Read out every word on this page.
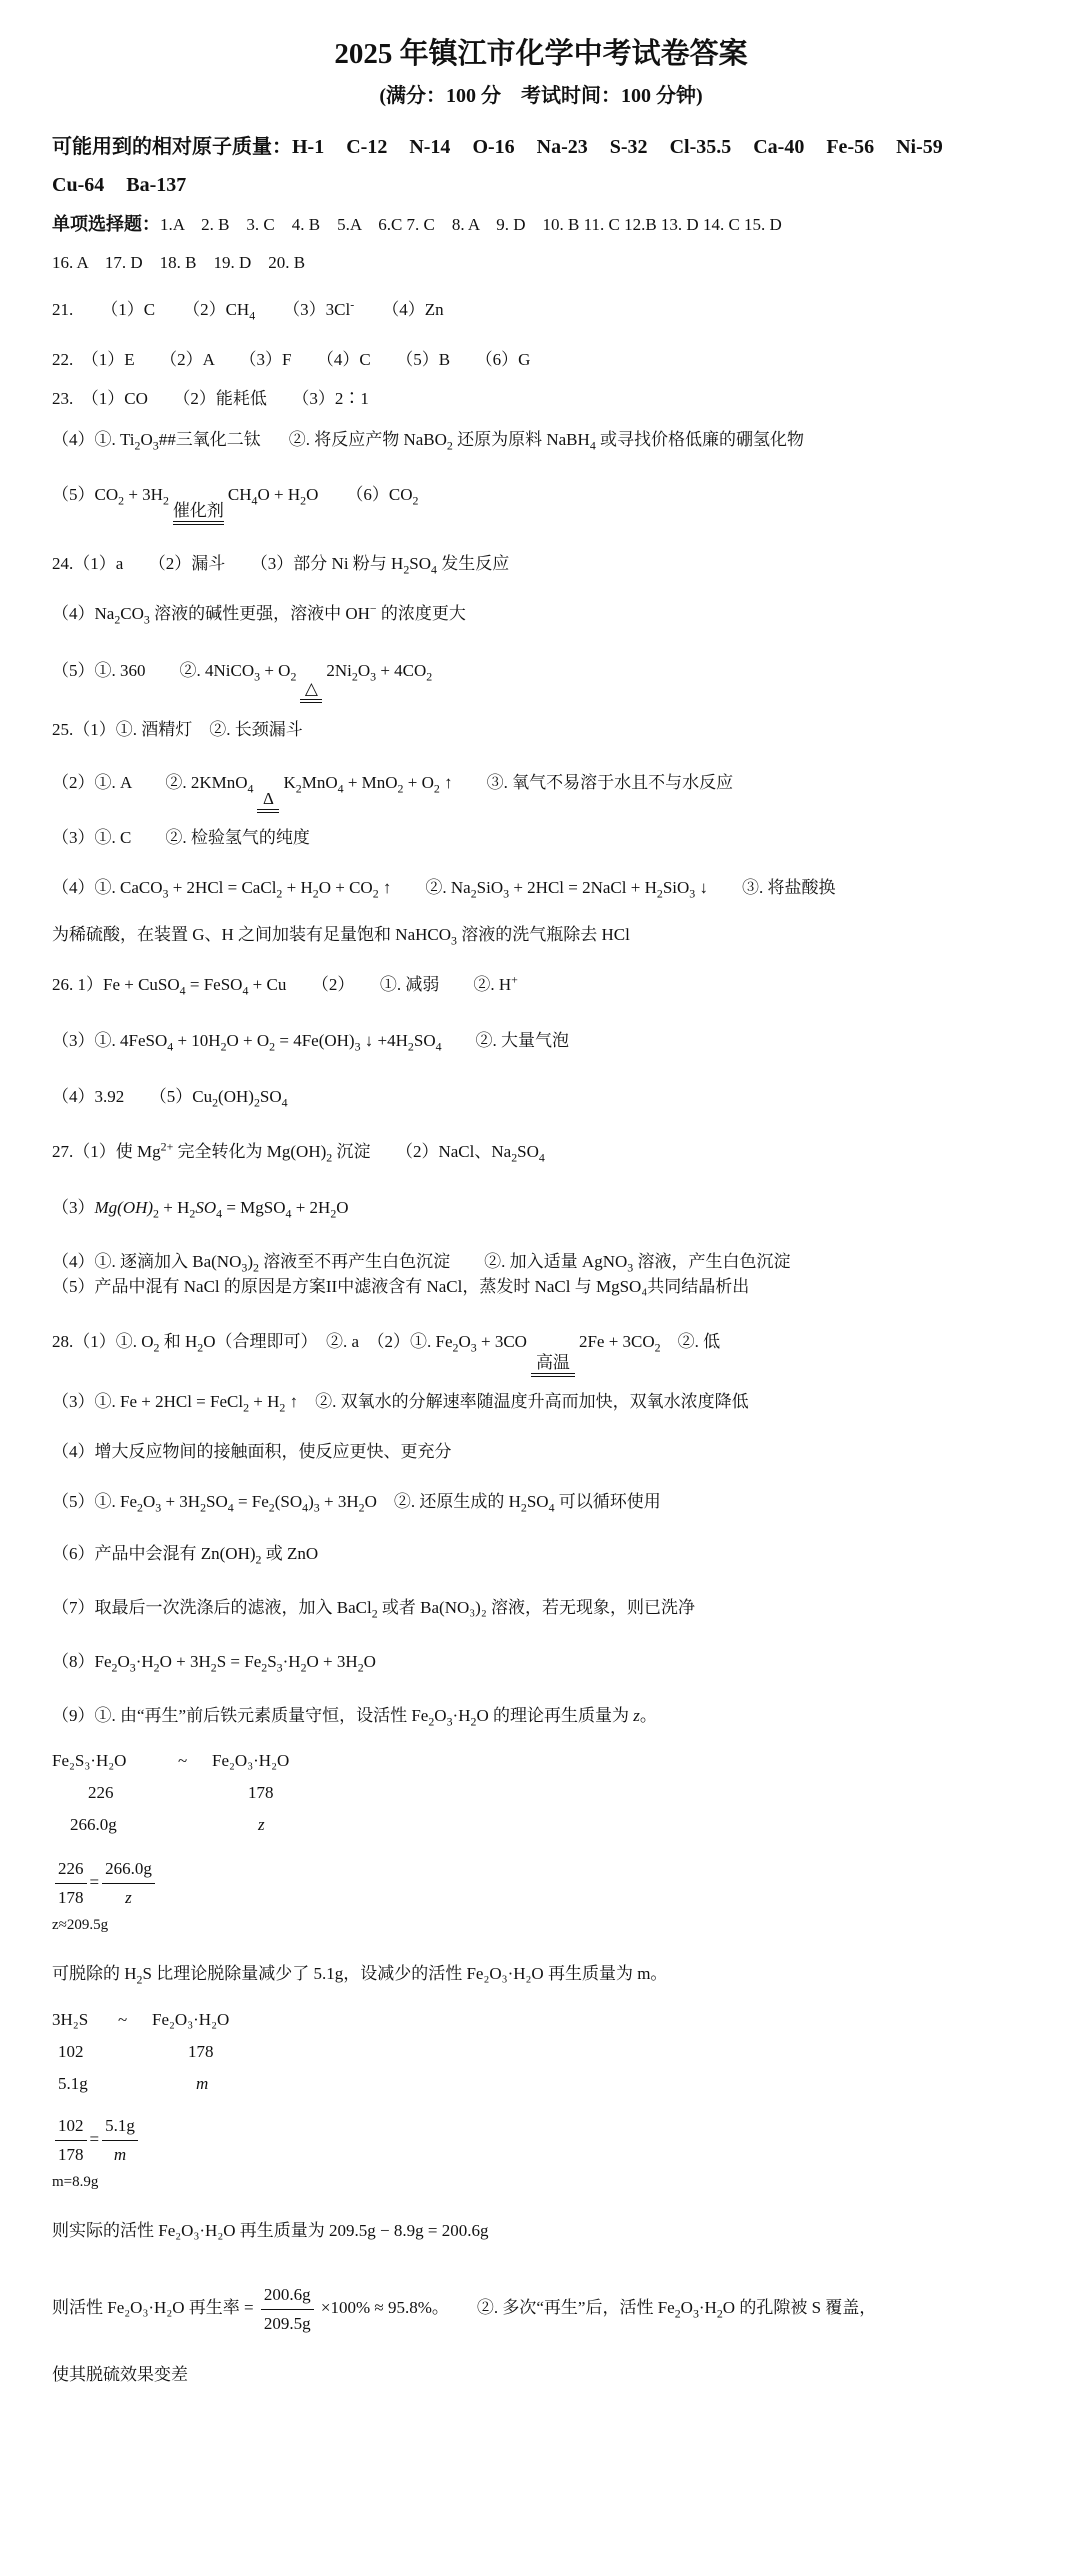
2025 年镇江市化学中考试卷答案

(满分：100 分　考试时间：100 分钟)

可能用到的相对原子质量：H-1 C-12 N-14 O-16 Na-23 S-32 Cl-35.5 Ca-40 Fe-56 Ni-59
Cu-64 Ba-137
单项选择题：1.A　2. B　3. C　4. B　5.A　6.C 7. C　8. A　9. D　10. B 11. C 12.B 13. D 14. C 15. D
16. A　17. D　18. B　19. D　20. B
21. （1）C $(2)CH_4$ （3）3Cl- （4）Zn
22.　（1）E　　（2）A　　（3）F　　（4）C　　（5）B　　（6）G
23.　（1）CO　　（2）能耗低　　（3）2∶1
（4）①. $Ti_2O_3\#\#$三氧化二钛 ②. 将反应产物 NaBO$_2$ 还原为原料 NaBH$_4$ 或寻找价格低廉的硼氢化物
$(5)CO_2 + 3H_2$
催化剂
$CH_4O + H_2O$ $(6)CO_2$
24.（1）a　　（2）漏斗　　（3）部分 Ni 粉与 $H_2SO_4$ 发生反应
$(4)Na_2CO_3$ 溶液的碱性更强，溶液中 OH− 的浓度更大
（5）①. 360　　②. 4NiCO$_3$ + $O_2$
△
$2Ni_2O_3 + 4CO_2$
25.（1）①. 酒精灯　②. 长颈漏斗
（2）①. A　　②. 2KMnO$_4$
Δ
$K_2MnO_4 + MnO_2 + O_2$ ↑　　③. 氧气不易溶于水且不与水反应
（3）①. C　　②. 检验氢气的纯度
（4）①. CaCO$_3$ + 2HCl = CaCl$_2$ + $H_2O + CO_2$ ↑　　②. $Na_2SiO_3 + 2HCl$ = 2NaCl + $H_2SiO_3$ ↓　　③. 将盐酸换
为稀硫酸，在装置 G、H 之间加装有足量饱和 NaHCO$_3$ 溶液的洗气瓶除去 HCl
26. 1）Fe + CuSO$_4$ = FeSO$_4$ + Cu　　（2）　　①. 减弱　　②. H+
（3）①. 4FeSO$_4$ + $10H_2O + O_2 = 4Fe(OH)_3$ ↓ $+4H_2SO_4$　　②. 大量气泡
（4）3.92　　$(5)Cu_2(OH)_2SO_4$
27.（1）使 $Mg^{2+}$ 完全转化为 $Mg(OH)_2$ 沉淀　　（2）NaCl、$Na_2SO_4$
$(3)Mg(OH)_2 + H_2SO_4$ = MgSO$_4$ + $2H_2O$
（4）①. 逐滴加入 $Ba(NO_3)_2$ 溶液至不再产生白色沉淀　　②. 加入适量 AgNO$_3$ 溶液，产生白色沉淀
（5）产品中混有 NaCl 的原因是方案II中滤液含有 NaCl，蒸发时 NaCl 与 MgSO₄共同结晶析出
28.（1）①. $O_2$ 和 $H_2O$（合理即可）　②. a　（2）①. $Fe_2O_3 + 3CO$
高温
$2Fe + 3CO_2$　②. 低
（3）①. Fe + 2HCl = FeCl$_2$ + $H_2$ ↑　②. 双氧水的分解速率随温度升高而加快，双氧水浓度降低
（4）增大反应物间的接触面积，使反应更快、更充分
（5）①. $Fe_2O_3 + 3H_2SO_4 = Fe_2(SO_4)_3 + 3H_2O$　②. 还原生成的 $H_2SO_4$ 可以循环使用
（6）产品中会混有 $Zn(OH)_2$ 或 ZnO
（7）取最后一次洗涤后的滤液，加入 BaCl$_2$ 或者 Ba(NO₃)₂ 溶液，若无现象，则已洗净
$(8)Fe_2O_3\cdot H_2O + 3H_2S = Fe_2S_3\cdot H_2O + 3H_2O$
（9）①. 由“再生”前后铁元素质量守恒，设活性 $Fe_2O_3\cdot H_2O$ 的理论再生质量为 z。
Fe₂S₃·H₂O	~ Fe₂O₃·H₂O
226	178
266.0g	z
$\frac{226}{178} = \frac{266.0g}{z}$
z≈209.5g
可脱除的 $H_2S$ 比理论脱除量减少了 5.1g，设减少的活性 Fe₂O₃·H₂O 再生质量为 m。
3H₂S ~ Fe₂O₃·H₂O
102	178
5.1g	m
$\frac{102}{178} = \frac{5.1g}{m}$
m=8.9g
则实际的活性 Fe₂O₃·H₂O 再生质量为 209.5g − 8.9g = 200.6g
则活性 Fe₂O₃·H₂O 再生率 = $\frac{200.6g}{209.5g} \times 100\% \approx 95.8\%$。 ②. 多次“再生”后，活性 $Fe_2O_3\cdot H_2O$ 的孔隙被 S 覆盖，
使其脱硫效果变差
